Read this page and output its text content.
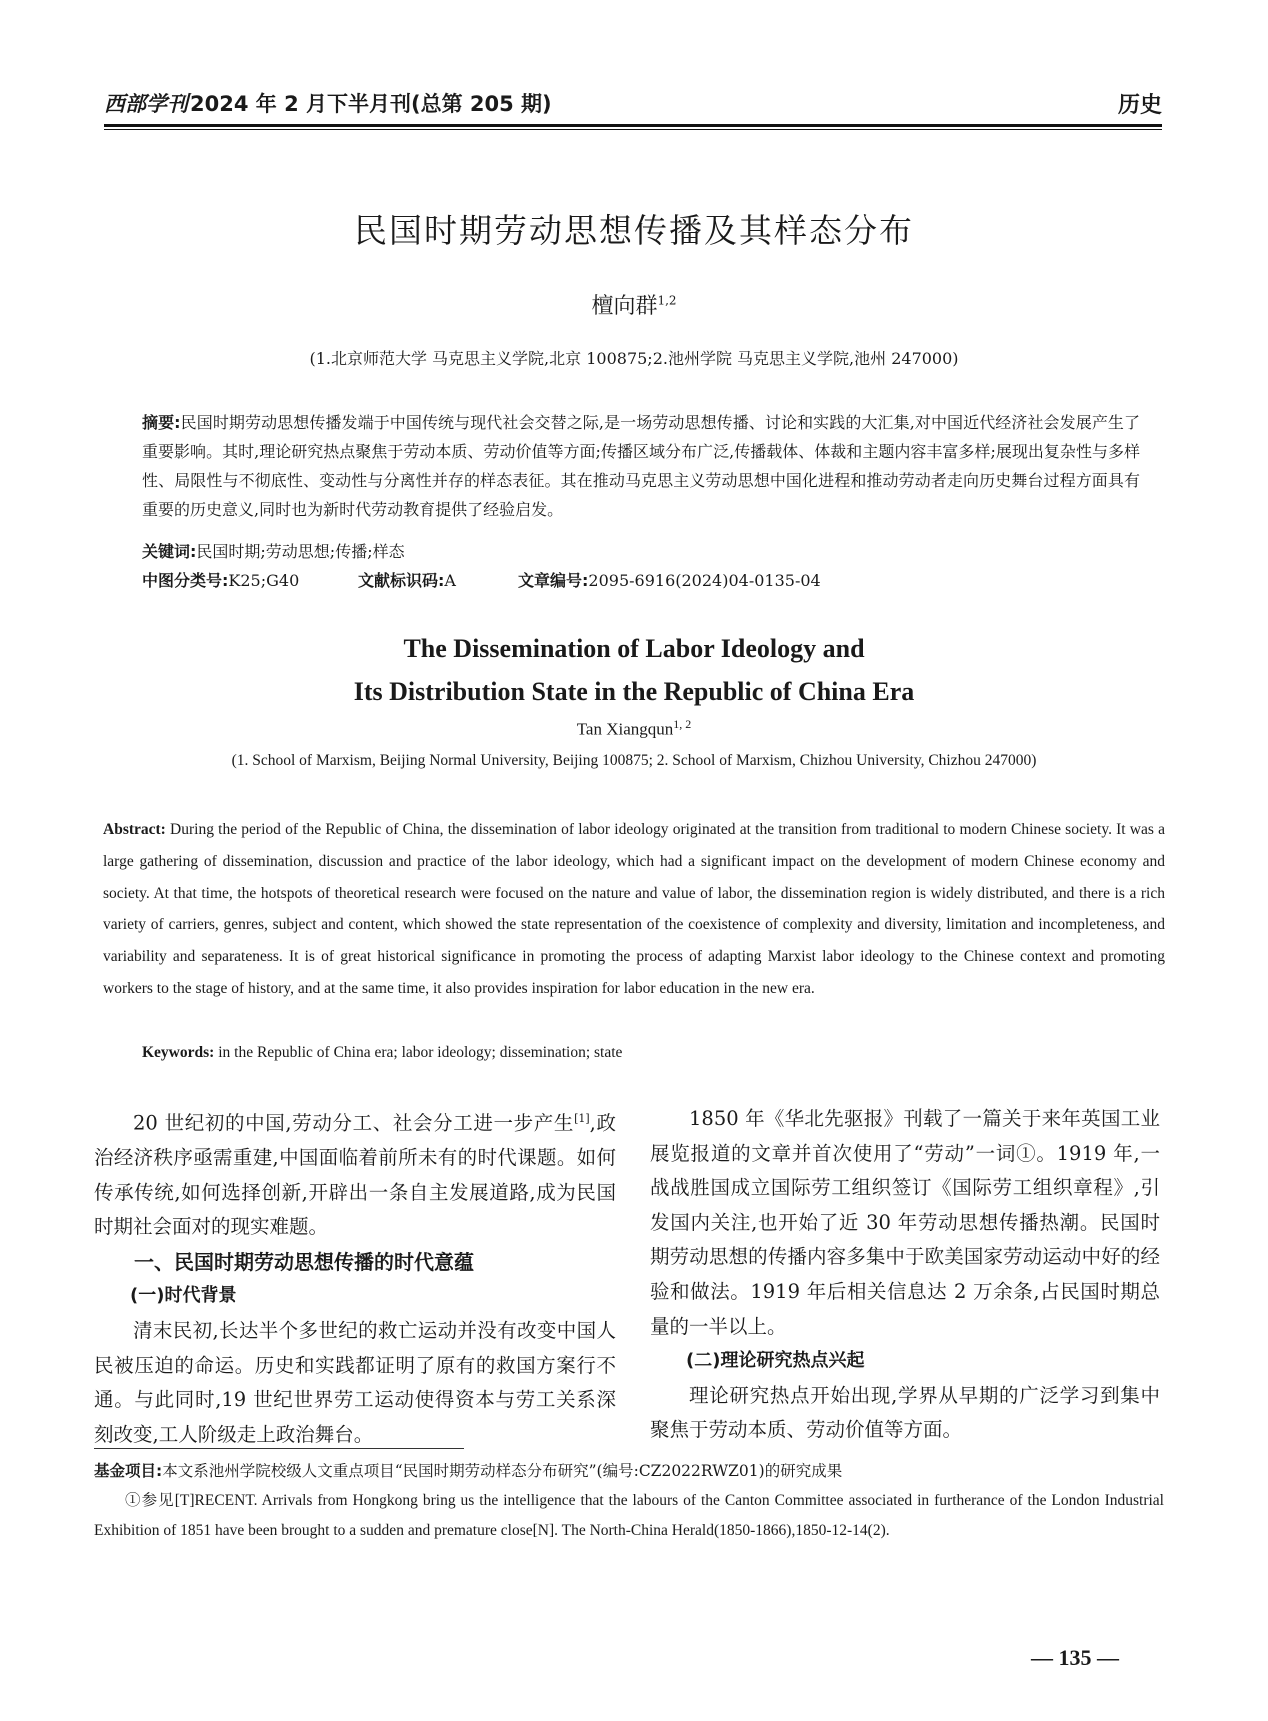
西部学刊2024 年 2 月下半月刊(总第 205 期)	历史
民国时期劳动思想传播及其样态分布
檀向群$^{1,2}$
(1.北京师范大学 马克思主义学院,北京 100875;2.池州学院 马克思主义学院,池州 247000)
摘要:民国时期劳动思想传播发端于中国传统与现代社会交替之际,是一场劳动思想传播、讨论和实践的大汇集,对中国近代经济社会发展产生了重要影响。其时,理论研究热点聚焦于劳动本质、劳动价值等方面;传播区域分布广泛,传播载体、体裁和主题内容丰富多样;展现出复杂性与多样性、局限性与不彻底性、变动性与分离性并存的样态表征。其在推动马克思主义劳动思想中国化进程和推动劳动者走向历史舞台过程方面具有重要的历史意义,同时也为新时代劳动教育提供了经验启发。
关键词:民国时期;劳动思想;传播;样态
中图分类号:K25;G40	文献标识码:A	文章编号:2095-6916(2024)04-0135-04
The Dissemination of Labor Ideology and
Its Distribution State in the Republic of China Era
Tan Xiangqun$^{1, 2}$
(1. School of Marxism, Beijing Normal University, Beijing 100875; 2. School of Marxism, Chizhou University, Chizhou 247000)
Abstract: During the period of the Republic of China, the dissemination of labor ideology originated at the transition from traditional to modern Chinese society. It was a large gathering of dissemination, discussion and practice of the labor ideology, which had a significant impact on the development of modern Chinese economy and society. At that time, the hotspots of theoretical research were focused on the nature and value of labor, the dissemination region is widely distributed, and there is a rich variety of carriers, genres, subject and content, which showed the state representation of the coexistence of complexity and diversity, limitation and incompleteness, and variability and separateness. It is of great historical significance in promoting the process of adapting Marxist labor ideology to the Chinese context and promoting workers to the stage of history, and at the same time, it also provides inspiration for labor education in the new era.
Keywords: in the Republic of China era; labor ideology; dissemination; state

20 世纪初的中国,劳动分工、社会分工进一步产生[1],政治经济秩序亟需重建,中国面临着前所未有的时代课题。如何传承传统,如何选择创新,开辟出一条自主发展道路,成为民国时期社会面对的现实难题。

一、民国时期劳动思想传播的时代意蕴
(一)时代背景

清末民初,长达半个多世纪的救亡运动并没有改变中国人民被压迫的命运。历史和实践都证明了原有的救国方案行不通。与此同时,19 世纪世界劳工运动使得资本与劳工关系深刻改变,工人阶级走上政治舞台。

1850 年《华北先驱报》刊载了一篇关于来年英国工业展览报道的文章并首次使用了“劳动”一词①。1919 年,一战战胜国成立国际劳工组织签订《国际劳工组织章程》,引发国内关注,也开始了近 30 年劳动思想传播热潮。民国时期劳动思想的传播内容多集中于欧美国家劳动运动中好的经验和做法。1919 年后相关信息达 2 万余条,占民国时期总量的一半以上。

(二)理论研究热点兴起

理论研究热点开始出现,学界从早期的广泛学习到集中聚焦于劳动本质、劳动价值等方面。

基金项目:本文系池州学院校级人文重点项目“民国时期劳动样态分布研究”(编号:CZ2022RWZ01)的研究成果
①参见[T]RECENT. Arrivals from Hongkong bring us the intelligence that the labours of the Canton Committee associated in furtherance of the London Industrial Exhibition of 1851 have been brought to a sudden and premature close[N]. The North-China Herald(1850-1866),1850-12-14(2).
— 135 —
